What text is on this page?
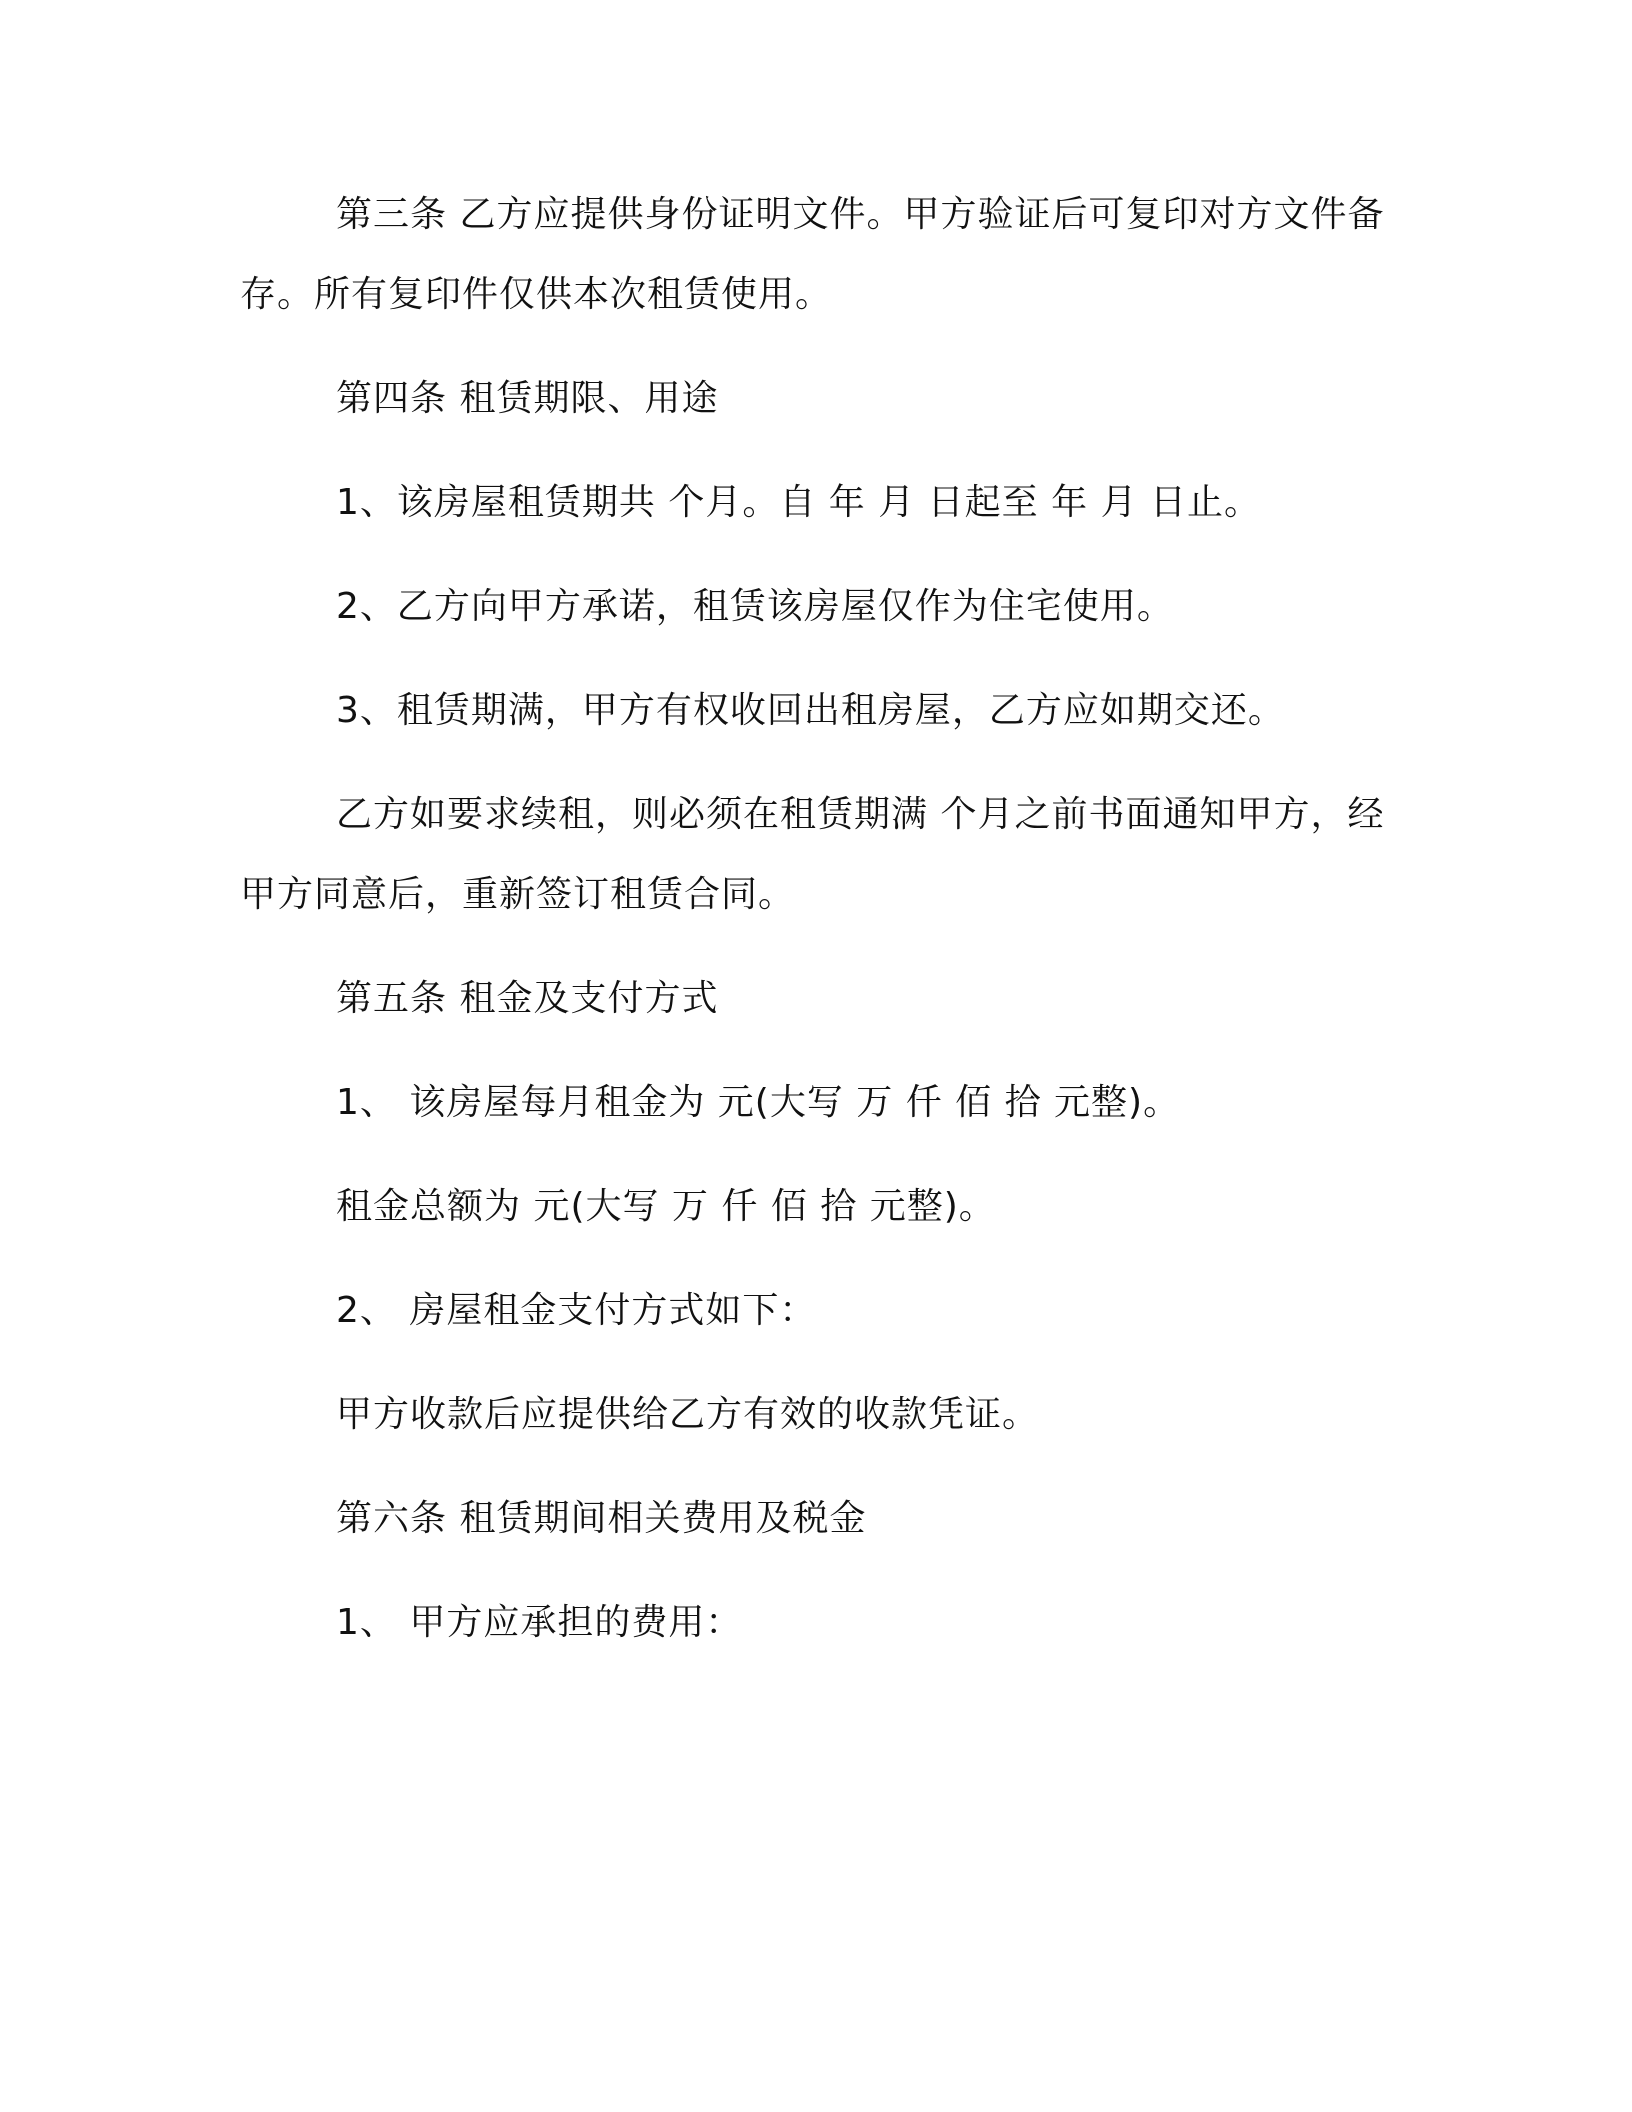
第三条 乙方应提供身份证明文件。甲方验证后可复印对方文件备存。所有复印件仅供本次租赁使用。

第四条 租赁期限、用途

1、该房屋租赁期共 个月。自 年 月 日起至 年 月 日止。

2、乙方向甲方承诺，租赁该房屋仅作为住宅使用。

3、租赁期满，甲方有权收回出租房屋，乙方应如期交还。

乙方如要求续租，则必须在租赁期满 个月之前书面通知甲方，经甲方同意后，重新签订租赁合同。

第五条 租金及支付方式

1、 该房屋每月租金为 元(大写 万 仟 佰 拾 元整)。

租金总额为 元(大写 万 仟 佰 拾 元整)。

2、 房屋租金支付方式如下：

甲方收款后应提供给乙方有效的收款凭证。

第六条 租赁期间相关费用及税金

1、 甲方应承担的费用：
